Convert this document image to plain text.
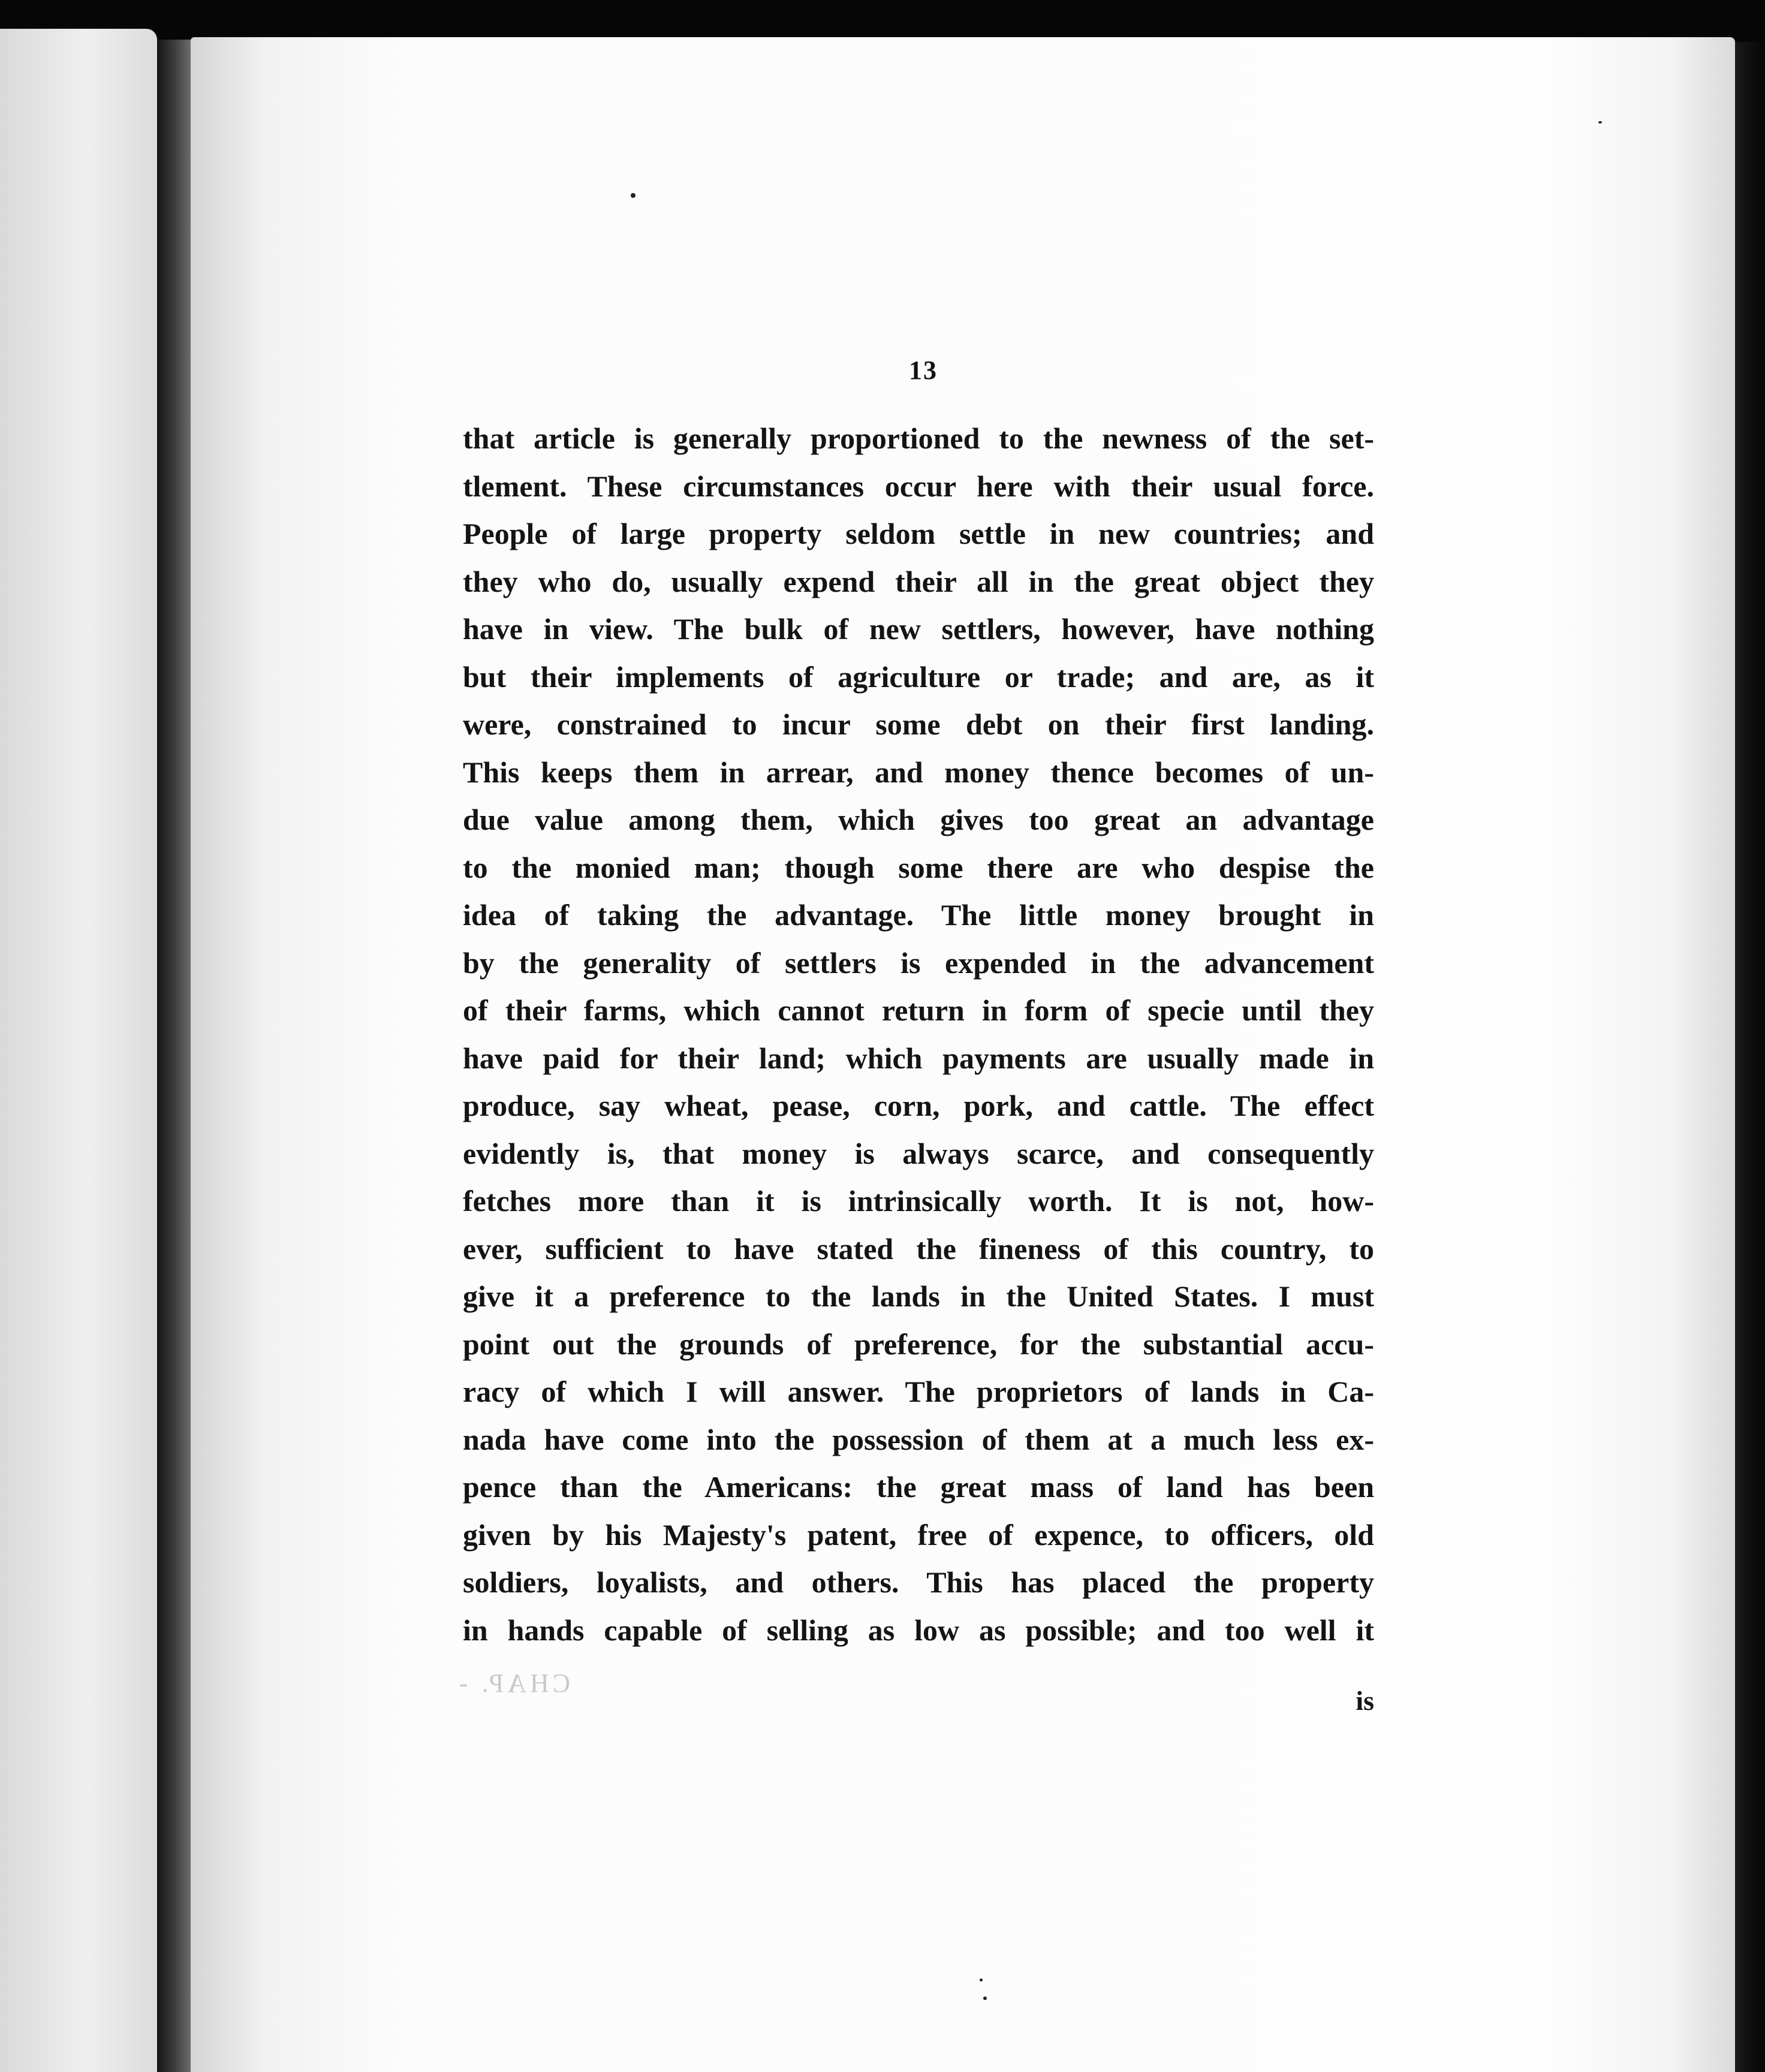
13
that article is generally proportioned to the newness of the set-
tlement. These circumstances occur here with their usual force.
People of large property seldom settle in new countries; and
they who do, usually expend their all in the great object they
have in view. The bulk of new settlers, however, have nothing
but their implements of agriculture or trade; and are, as it
were, constrained to incur some debt on their first landing.
This keeps them in arrear, and money thence becomes of un-
due value among them, which gives too great an advantage
to the monied man; though some there are who despise the
idea of taking the advantage. The little money brought in
by the generality of settlers is expended in the advancement
of their farms, which cannot return in form of specie until they
have paid for their land; which payments are usually made in
produce, say wheat, pease, corn, pork, and cattle. The effect
evidently is, that money is always scarce, and consequently
fetches more than it is intrinsically worth. It is not, how-
ever, sufficient to have stated the fineness of this country, to
give it a preference to the lands in the United States. I must
point out the grounds of preference, for the substantial accu-
racy of which I will answer. The proprietors of lands in Ca-
nada have come into the possession of them at a much less ex-
pence than the Americans: the great mass of land has been
given by his Majesty's patent, free of expence, to officers, old
soldiers, loyalists, and others. This has placed the property
in hands capable of selling as low as possible; and too well it
CHAP. -
is
